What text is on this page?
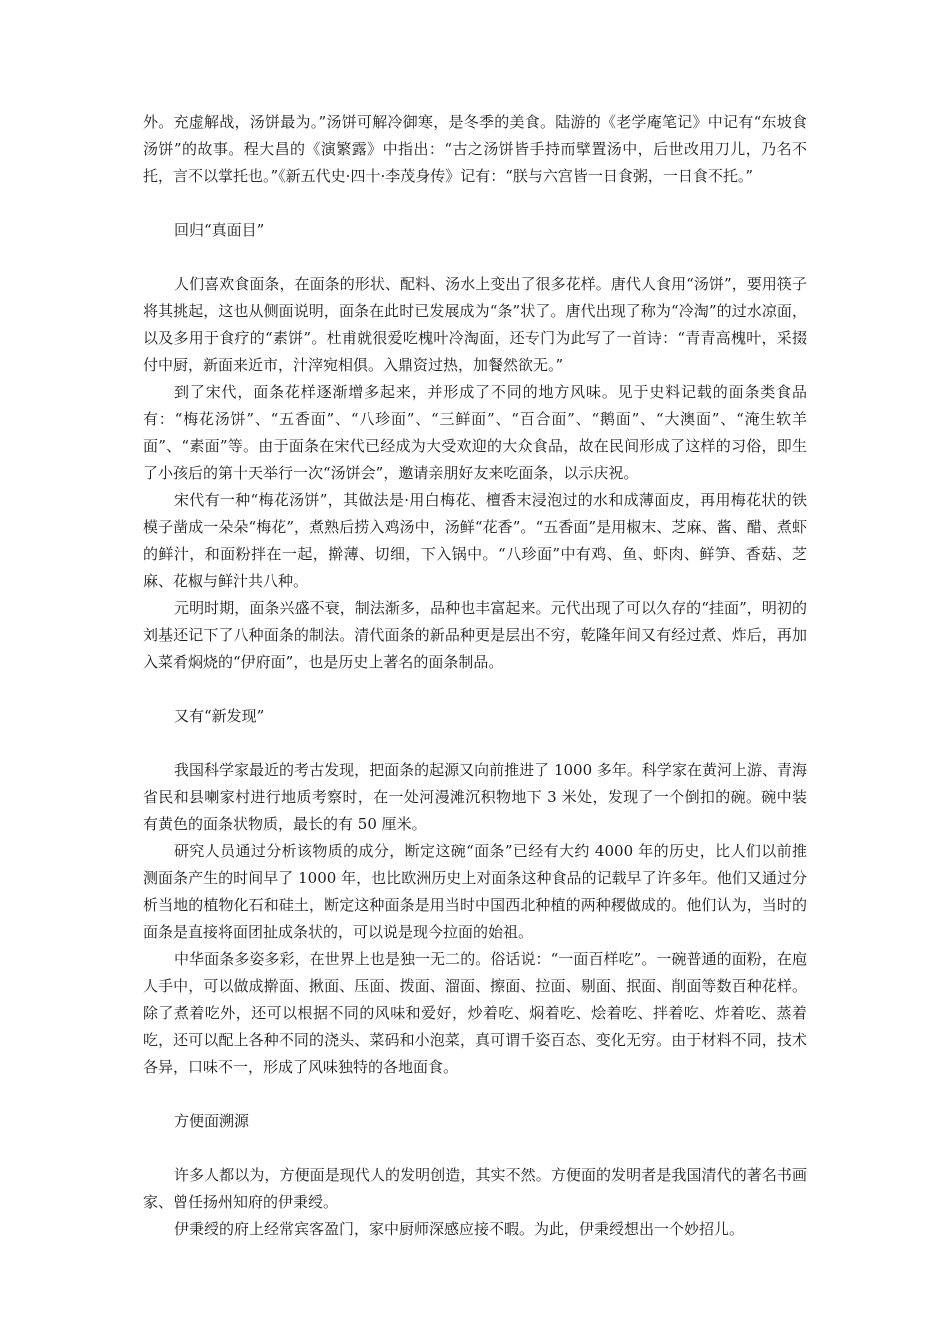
外。充虚解战，汤饼最为。”汤饼可解冷御寒，是冬季的美食。陆游的《老学庵笔记》中记有“东坡食汤饼”的故事。程大昌的《演繁露》中指出：“古之汤饼皆手持而擘置汤中，后世改用刀儿，乃名不托，言不以掌托也。”《新五代史·四十·李茂身传》记有：“朕与六宫皆一日食粥，一日食不托。”

回归“真面目”

人们喜欢食面条，在面条的形状、配料、汤水上变出了很多花样。唐代人食用“汤饼”，要用筷子将其挑起，这也从侧面说明，面条在此时已发展成为“条”状了。唐代出现了称为“冷淘”的过水凉面，以及多用于食疗的“素饼”。杜甫就很爱吃槐叶冷淘面，还专门为此写了一首诗：“青青高槐叶，采掇付中厨，新面来近市，汁滓宛相俱。入鼎资过热，加餐然欲无。”

到了宋代，面条花样逐渐增多起来，并形成了不同的地方风味。见于史料记载的面条类食品有：“梅花汤饼”、“五香面”、“八珍面”、“三鲜面”、“百合面”、“鹅面”、“大澳面”、“淹生软羊面”、“素面”等。由于面条在宋代已经成为大受欢迎的大众食品，故在民间形成了这样的习俗，即生了小孩后的第十天举行一次“汤饼会”，邀请亲朋好友来吃面条，以示庆祝。

宋代有一种“梅花汤饼”，其做法是·用白梅花、檀香末浸泡过的水和成薄面皮，再用梅花状的铁模子凿成一朵朵“梅花”，煮熟后捞入鸡汤中，汤鲜“花香”。“五香面”是用椒末、芝麻、酱、醋、煮虾的鲜汁，和面粉拌在一起，擀薄、切细，下入锅中。“八珍面”中有鸡、鱼、虾肉、鲜笋、香菇、芝麻、花椒与鲜汁共八种。

元明时期，面条兴盛不衰，制法渐多，品种也丰富起来。元代出现了可以久存的“挂面”，明初的刘基还记下了八种面条的制法。清代面条的新品种更是层出不穷，乾隆年间又有经过煮、炸后，再加入菜肴焖烧的“伊府面”，也是历史上著名的面条制品。

又有“新发现”

我国科学家最近的考古发现，把面条的起源又向前推进了 1000 多年。科学家在黄河上游、青海省民和县喇家村进行地质考察时，在一处河漫滩沉积物地下 3 米处，发现了一个倒扣的碗。碗中装有黄色的面条状物质，最长的有 50 厘米。

研究人员通过分析该物质的成分，断定这碗“面条”已经有大约 4000 年的历史，比人们以前推测面条产生的时间早了 1000 年，也比欧洲历史上对面条这种食品的记载早了许多年。他们又通过分析当地的植物化石和硅土，断定这种面条是用当时中国西北种植的两种稷做成的。他们认为，当时的面条是直接将面团扯成条状的，可以说是现今拉面的始祖。

中华面条多姿多彩，在世界上也是独一无二的。俗话说：“一面百样吃”。一碗普通的面粉，在庖人手中，可以做成擀面、揪面、压面、拨面、溜面、擦面、拉面、剔面、抿面、削面等数百种花样。除了煮着吃外，还可以根据不同的风味和爱好，炒着吃、焖着吃、烩着吃、拌着吃、炸着吃、蒸着吃，还可以配上各种不同的浇头、菜码和小泡菜，真可谓千姿百态、变化无穷。由于材料不同，技术各异，口味不一，形成了风味独特的各地面食。

方便面溯源

许多人都以为，方便面是现代人的发明创造，其实不然。方便面的发明者是我国清代的著名书画家、曾任扬州知府的伊秉绶。

伊秉绶的府上经常宾客盈门，家中厨师深感应接不暇。为此，伊秉绶想出一个妙招儿。
